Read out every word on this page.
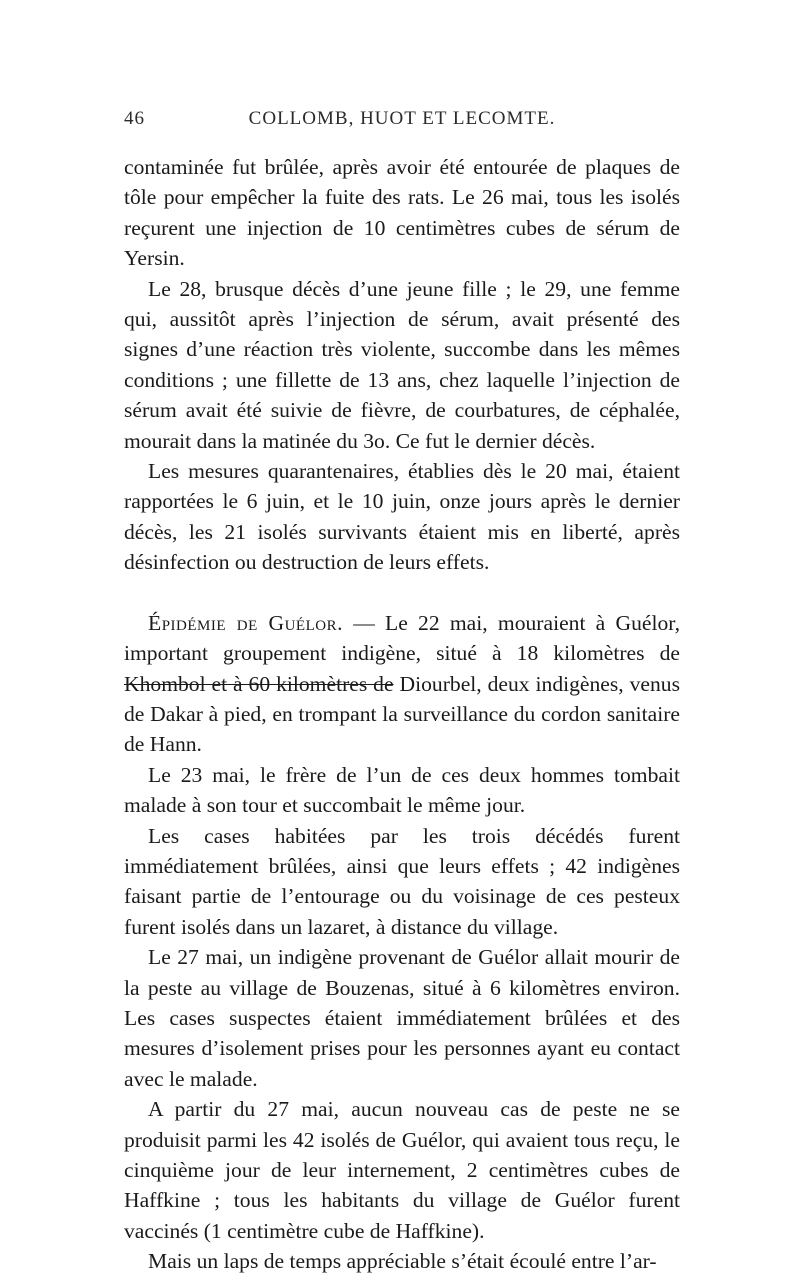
46	COLLOMB, HUOT ET LECOMTE.

contaminée fut brûlée, après avoir été entourée de plaques de tôle pour empêcher la fuite des rats. Le 26 mai, tous les isolés reçurent une injection de 10 centimètres cubes de sérum de Yersin.

Le 28, brusque décès d’une jeune fille ; le 29, une femme qui, aussitôt après l’injection de sérum, avait présenté des signes d’une réaction très violente, succombe dans les mêmes conditions ; une fillette de 13 ans, chez laquelle l’injection de sérum avait été suivie de fièvre, de courbatures, de céphalée, mourait dans la matinée du 3o. Ce fut le dernier décès.

Les mesures quarantenaires, établies dès le 20 mai, étaient rapportées le 6 juin, et le 10 juin, onze jours après le dernier décès, les 21 isolés survivants étaient mis en liberté, après désinfection ou destruction de leurs effets.

Épidémie de Guélor. — Le 22 mai, mouraient à Guélor, important groupement indigène, situé à 18 kilomètres de Khombol et à 60 kilomètres de Diourbel, deux indigènes, venus de Dakar à pied, en trompant la surveillance du cordon sanitaire de Hann.

Le 23 mai, le frère de l’un de ces deux hommes tombait malade à son tour et succombait le même jour.

Les cases habitées par les trois décédés furent immédiatement brûlées, ainsi que leurs effets ; 42 indigènes faisant partie de l’entourage ou du voisinage de ces pesteux furent isolés dans un lazaret, à distance du village.

Le 27 mai, un indigène provenant de Guélor allait mourir de la peste au village de Bouzenas, situé à 6 kilomètres environ. Les cases suspectes étaient immédiatement brûlées et des mesures d’isolement prises pour les personnes ayant eu contact avec le malade.

A partir du 27 mai, aucun nouveau cas de peste ne se produisit parmi les 42 isolés de Guélor, qui avaient tous reçu, le cinquième jour de leur internement, 2 centimètres cubes de Haffkine ; tous les habitants du village de Guélor furent vaccinés (1 centimètre cube de Haffkine).

Mais un laps de temps appréciable s’était écoulé entre l’ar-
